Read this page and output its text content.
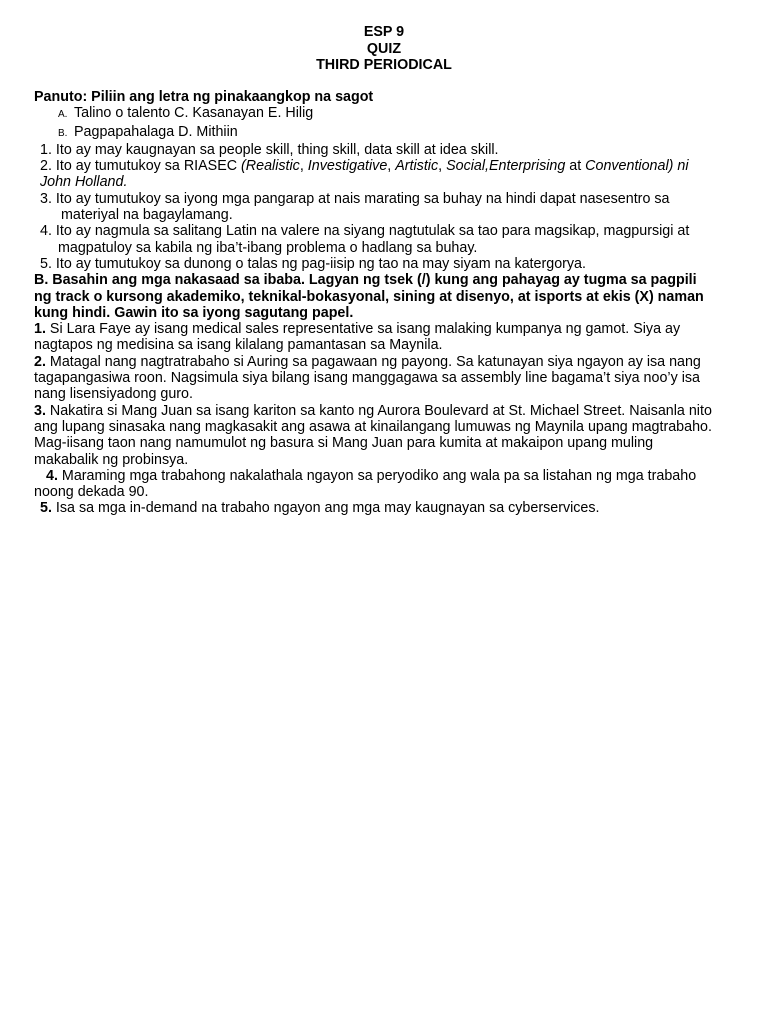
ESP 9
QUIZ
THIRD PERIODICAL
Panuto: Piliin ang letra ng pinakaangkop na sagot
A. Talino o talento C. Kasanayan E. Hilig
B. Pagpapahalaga D. Mithiin
1. Ito ay may kaugnayan sa people skill, thing skill, data skill at idea skill.
2. Ito ay tumutukoy sa RIASEC (Realistic, Investigative, Artistic, Social,Enterprising at Conventional) ni
John Holland.
3. Ito ay tumutukoy sa iyong mga pangarap at nais marating sa buhay na hindi dapat nasesentro sa
materiyal na bagaylamang.
4. Ito ay nagmula sa salitang Latin na valere na siyang nagtutulak sa tao para magsikap, magpursigi at
magpatuloy sa kabila ng iba’t-ibang problema o hadlang sa buhay.
5. Ito ay tumutukoy sa dunong o talas ng pag-iisip ng tao na may siyam na katergorya.
B. Basahin ang mga nakasaad sa ibaba. Lagyan ng tsek (/) kung ang pahayag ay tugma sa pagpili
ng track o kursong akademiko, teknikal-bokasyonal, sining at disenyo, at isports at ekis (X) naman
kung hindi. Gawin ito sa iyong sagutang papel.
1. Si Lara Faye ay isang medical sales representative sa isang malaking kumpanya ng gamot. Siya ay
nagtapos ng medisina sa isang kilalang pamantasan sa Maynila.
2. Matagal nang nagtratrabaho si Auring sa pagawaan ng payong. Sa katunayan siya ngayon ay isa nang
tagapangasiwa roon. Nagsimula siya bilang isang manggagawa sa assembly line bagama’t siya noo’y isa
nang lisensiyadong guro.
3. Nakatira si Mang Juan sa isang kariton sa kanto ng Aurora Boulevard at St. Michael Street. Naisanla nito
ang lupang sinasaka nang magkasakit ang asawa at kinailangang lumuwas ng Maynila upang magtrabaho.
Mag-iisang taon nang namumulot ng basura si Mang Juan para kumita at makaipon upang muling
makabalik ng probinsya.
4. Maraming mga trabahong nakalathala ngayon sa peryodiko ang wala pa sa listahan ng mga trabaho
noong dekada 90.
5. Isa sa mga in-demand na trabaho ngayon ang mga may kaugnayan sa cyberservices.
